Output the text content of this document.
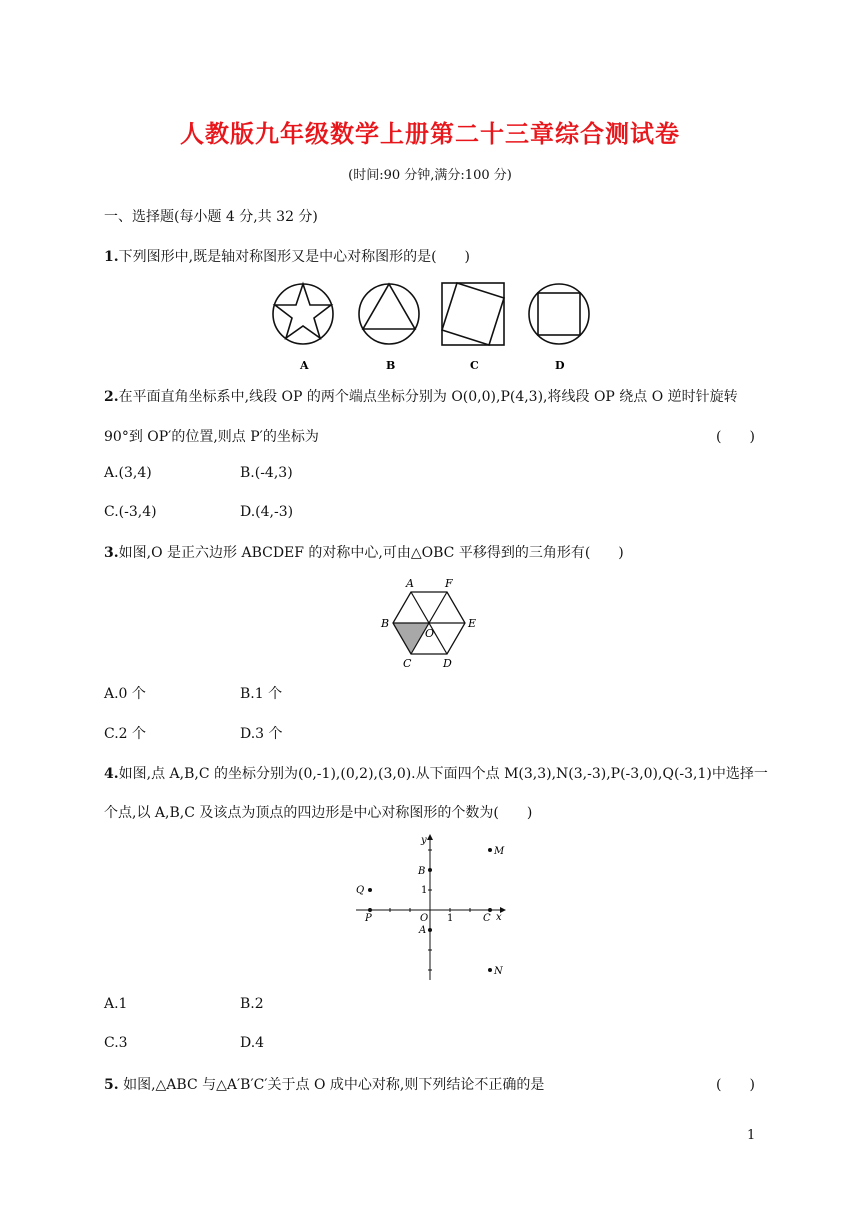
人教版九年级数学上册第二十三章综合测试卷
(时间:90 分钟,满分:100 分)
一、选择题(每小题 4 分,共 32 分)
1.下列图形中,既是轴对称图形又是中心对称图形的是(　　)
A	B	C	D
2.在平面直角坐标系中,线段 OP 的两个端点坐标分别为 O(0,0),P(4,3),将线段 OP 绕点 O 逆时针旋转
90°到 OP′的位置,则点 P′的坐标为	(　　)
A.(3,4)	B.(-4,3)
C.(-3,4)	D.(4,-3)
3.如图,O 是正六边形 ABCDEF 的对称中心,可由△OBC 平移得到的三角形有(　　)
A	F
B
O
E
C	D
A.0 个	B.1 个
C.2 个	D.3 个
4.如图,点 A,B,C 的坐标分别为(0,-1),(0,2),(3,0).从下面四个点 M(3,3),N(3,-3),P(-3,0),Q(-3,1)中选择一
个点,以 A,B,C 及该点为顶点的四边形是中心对称图形的个数为(　　)
y
x
B
M
Q	1
P	O 1	C
A
N
A.1	B.2
C.3	D.4
5. 如图,△ABC 与△A′B′C′关于点 O 成中心对称,则下列结论不正确的是	(　　)
1
